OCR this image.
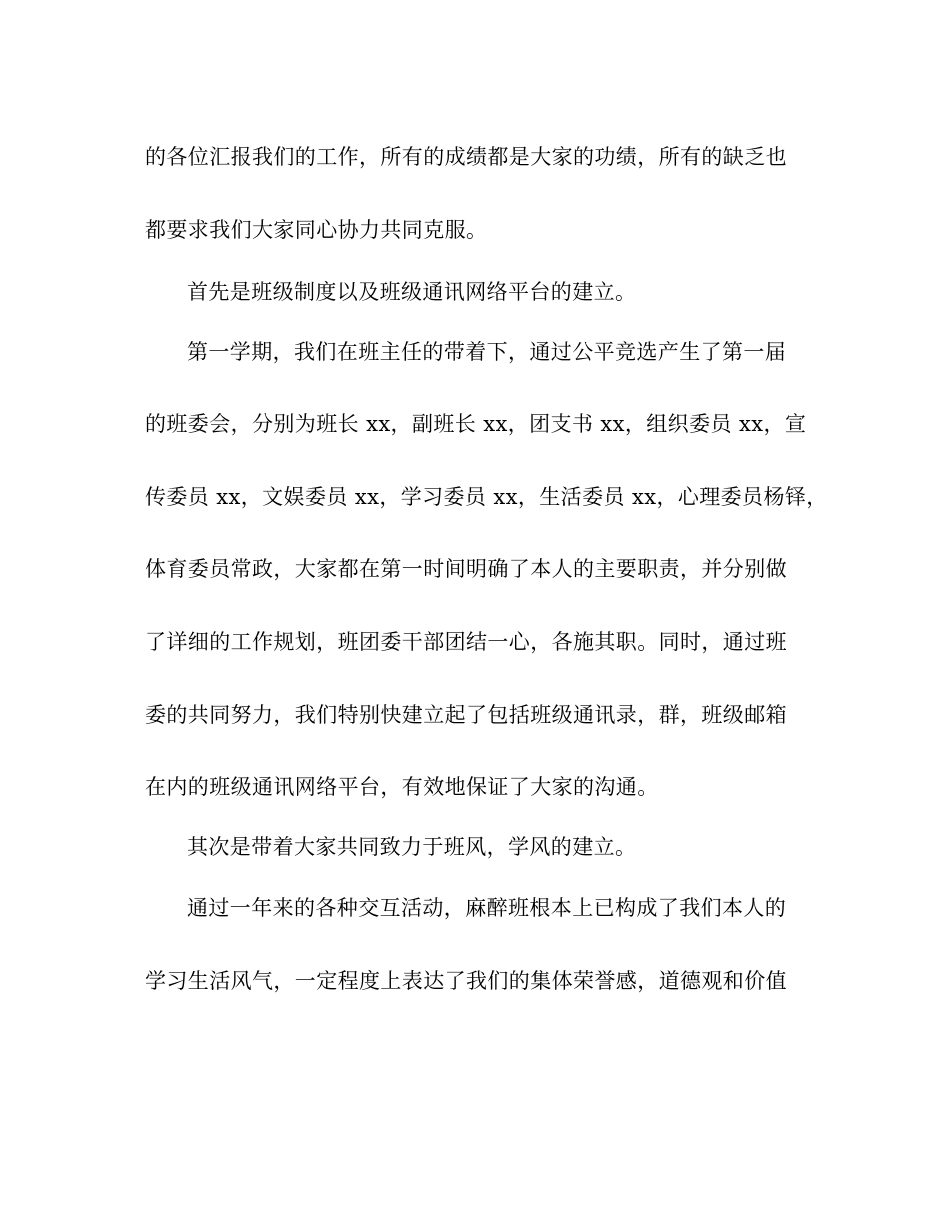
的各位汇报我们的工作，所有的成绩都是大家的功绩，所有的缺乏也
都要求我们大家同心协力共同克服。
首先是班级制度以及班级通讯网络平台的建立。
第一学期，我们在班主任的带着下，通过公平竞选产生了第一届
的班委会，分别为班长 xx，副班长 xx，团支书 xx，组织委员 xx，宣
传委员 xx，文娱委员 xx，学习委员 xx，生活委员 xx，心理委员杨铎，
体育委员常政，大家都在第一时间明确了本人的主要职责，并分别做
了详细的工作规划，班团委干部团结一心，各施其职。同时，通过班
委的共同努力，我们特别快建立起了包括班级通讯录，群，班级邮箱
在内的班级通讯网络平台，有效地保证了大家的沟通。
其次是带着大家共同致力于班风，学风的建立。
通过一年来的各种交互活动，麻醉班根本上已构成了我们本人的
学习生活风气，一定程度上表达了我们的集体荣誉感，道德观和价值
